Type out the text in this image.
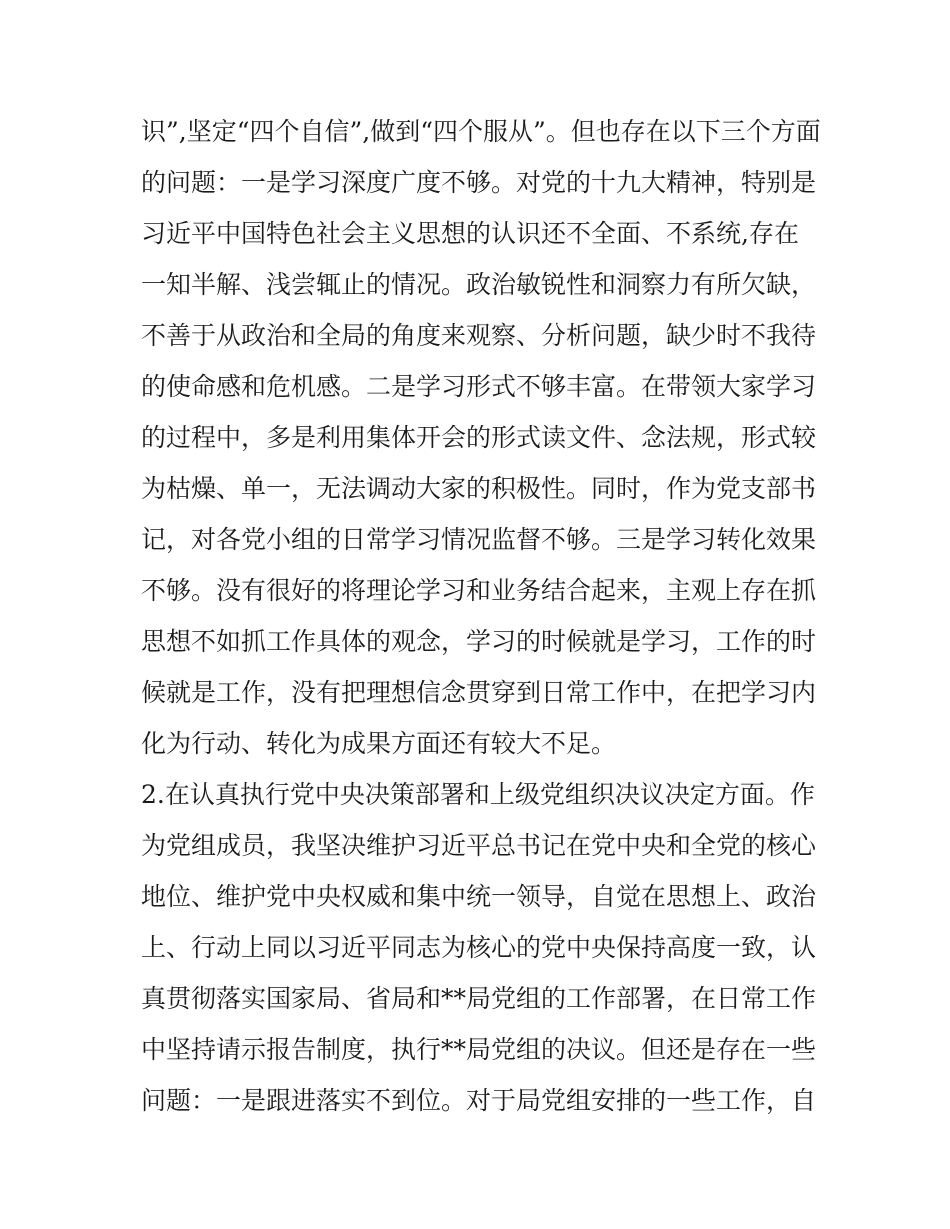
识”,坚定“四个自信”,做到“四个服从”。但也存在以下三个方面
的问题：一是学习深度广度不够。对党的十九大精神，特别是
习近平中国特色社会主义思想的认识还不全面、不系统,存在
一知半解、浅尝辄止的情况。政治敏锐性和洞察力有所欠缺，
不善于从政治和全局的角度来观察、分析问题，缺少时不我待
的使命感和危机感。二是学习形式不够丰富。在带领大家学习
的过程中，多是利用集体开会的形式读文件、念法规，形式较
为枯燥、单一，无法调动大家的积极性。同时，作为党支部书
记，对各党小组的日常学习情况监督不够。三是学习转化效果
不够。没有很好的将理论学习和业务结合起来，主观上存在抓
思想不如抓工作具体的观念，学习的时候就是学习，工作的时
候就是工作，没有把理想信念贯穿到日常工作中，在把学习内
化为行动、转化为成果方面还有较大不足。
2.在认真执行党中央决策部署和上级党组织决议决定方面。作
为党组成员，我坚决维护习近平总书记在党中央和全党的核心
地位、维护党中央权威和集中统一领导，自觉在思想上、政治
上、行动上同以习近平同志为核心的党中央保持高度一致，认
真贯彻落实国家局、省局和**局党组的工作部署，在日常工作
中坚持请示报告制度，执行**局党组的决议。但还是存在一些
问题：一是跟进落实不到位。对于局党组安排的一些工作，自
